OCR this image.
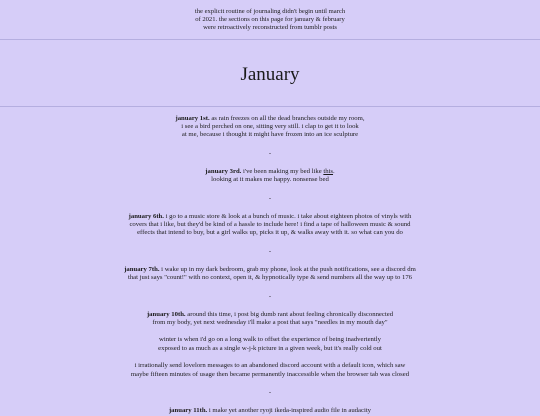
the explicit routine of journaling didn't begin until march
of 2021. the sections on this page for january & february
were retroactively reconstructed from tumblr posts
January
january 1st. as rain freezes on all the dead branches outside my room,
i see a bird perched on one, sitting very still. i clap to get it to look
at me, because i thought it might have frozen into an ice sculpture
-
january 3rd. i've been making my bed like this.
looking at it makes me happy. nonsense bed
-
january 6th. i go to a music store & look at a bunch of music. i take about eighteen photos of vinyls with
covers that i like, but they'd be kind of a hassle to include here! i find a tape of halloween music & sound
effects that intend to buy, but a girl walks up, picks it up, & walks away with it. so what can you do
-
january 7th. i wake up in my dark bedroom, grab my phone, look at the push notifications, see a discord dm
that just says "count!" with no context, open it, & hypnotically type & send numbers all the way up to 176
-
january 10th. around this time, i post big dumb rant about feeling chronically disconnected
from my body, yet next wednesday i'll make a post that says "needles in my mouth day"
winter is when i'd go on a long walk to offset the experience of being inadvertently
exposed to as much as a single w-j-k picture in a given week, but it's really cold out
i irrationally send lovelorn messages to an abandoned discord account with a default icon, which saw
maybe fifteen minutes of usage then became permanently inaccessible when the browser tab was closed
-
january 11th. i make yet another ryoji ikeda-inspired audio file in audacity
